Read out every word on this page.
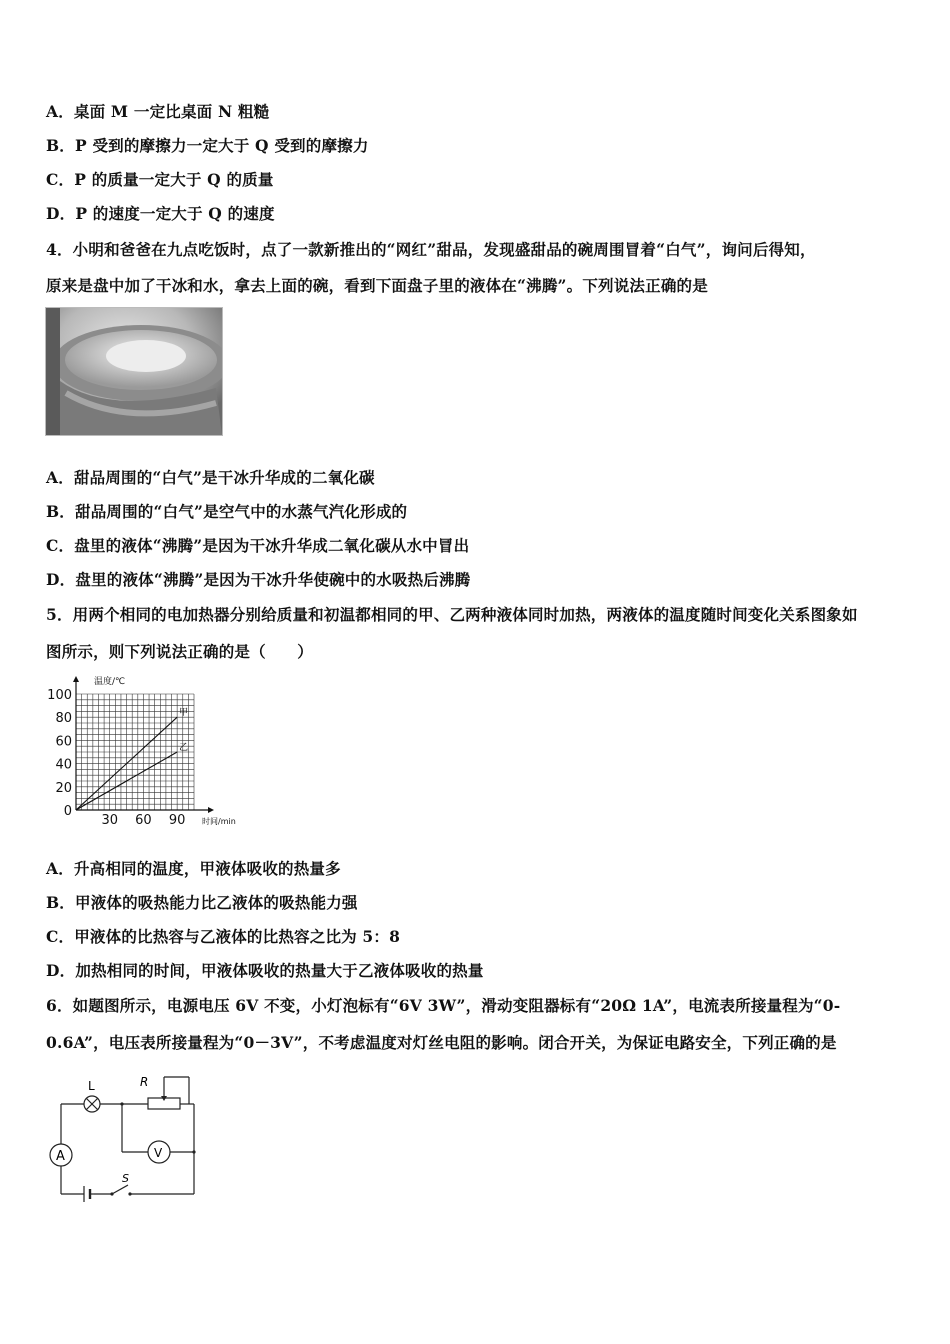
A．桌面 M 一定比桌面 N 粗糙
B．P 受到的摩擦力一定大于 Q 受到的摩擦力
C．P 的质量一定大于 Q 的质量
D．P 的速度一定大于 Q 的速度
4．小明和爸爸在九点吃饭时，点了一款新推出的“网红”甜品，发现盛甜品的碗周围冒着“白气”，询问后得知，
原来是盘中加了干冰和水，拿去上面的碗，看到下面盘子里的液体在“沸腾”。下列说法正确的是
A．甜品周围的“白气”是干冰升华成的二氧化碳
B．甜品周围的“白气”是空气中的水蒸气汽化形成的
C．盘里的液体“沸腾”是因为干冰升华成二氧化碳从水中冒出
D．盘里的液体“沸腾”是因为干冰升华使碗中的水吸热后沸腾
5．用两个相同的电加热器分别给质量和初温都相同的甲、乙两种液体同时加热，两液体的温度随时间变化关系图象如
图所示，则下列说法正确的是（　　）
0
20
40
60
80
100
30 60 90
温度/℃
时间/min
甲
乙
A．升高相同的温度，甲液体吸收的热量多
B．甲液体的吸热能力比乙液体的吸热能力强
C．甲液体的比热容与乙液体的比热容之比为 5：8
D．加热相同的时间，甲液体吸收的热量大于乙液体吸收的热量
6．如题图所示，电源电压 6V 不变，小灯泡标有“6V 3W”，滑动变阻器标有“20Ω 1A”，电流表所接量程为“0-
0.6A”，电压表所接量程为“0－3V”，不考虑温度对灯丝电阻的影响。闭合开关，为保证电路安全，下列正确的是
L	R
A	V
S
